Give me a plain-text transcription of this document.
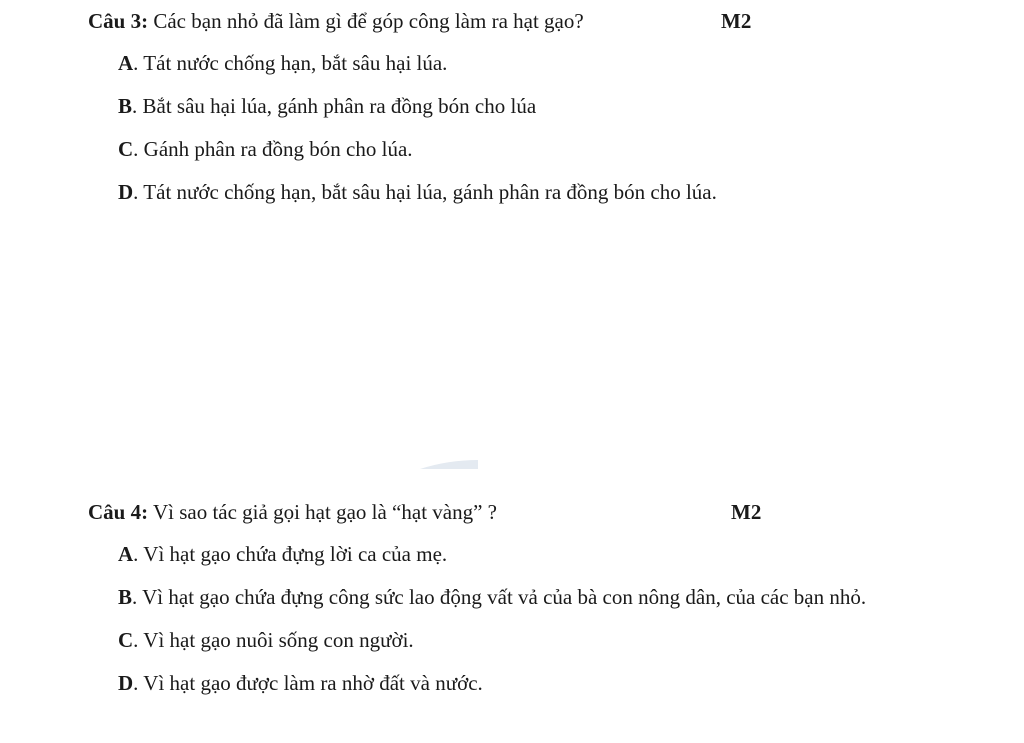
Câu 3: Các bạn nhỏ đã làm gì để góp công làm ra hạt gạo?	M2
A. Tát nước chống hạn, bắt sâu hại lúa.
B. Bắt sâu hại lúa, gánh phân ra đồng bón cho lúa
C. Gánh phân ra đồng bón cho lúa.
D. Tát nước chống hạn, bắt sâu hại lúa, gánh phân ra đồng bón cho lúa.
Câu 4: Vì sao tác giả gọi hạt gạo là “hạt vàng” ?	M2
A. Vì hạt gạo chứa đựng lời ca của mẹ.
B. Vì hạt gạo chứa đựng công sức lao động vất vả của bà con nông dân, của các bạn nhỏ.
C. Vì hạt gạo nuôi sống con người.
D. Vì hạt gạo được làm ra nhờ đất và nước.
